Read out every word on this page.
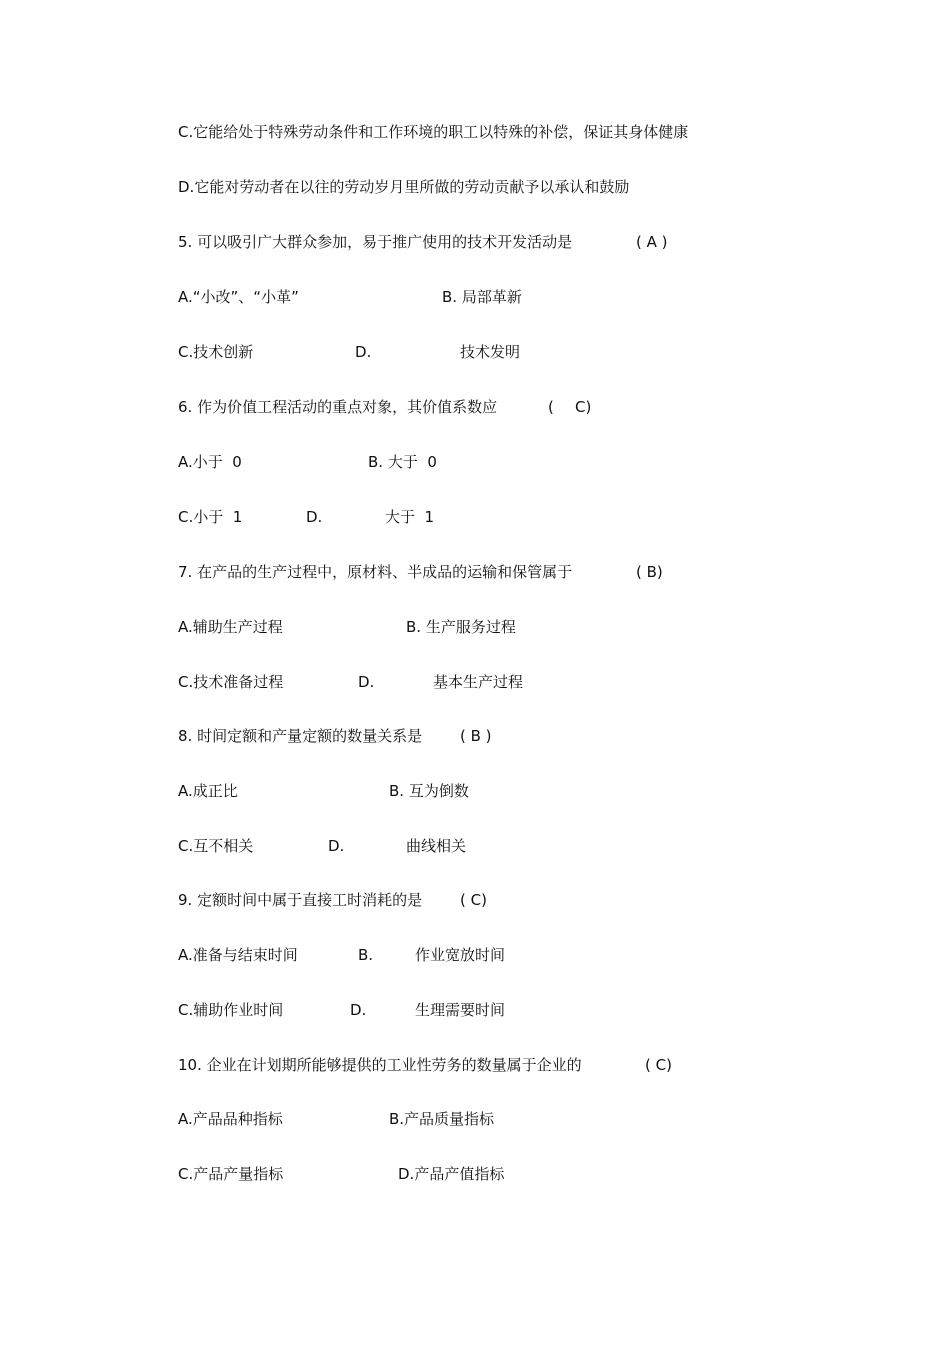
C.它能给处于特殊劳动条件和工作环境的职工以特殊的补偿，保证其身体健康
D.它能对劳动者在以往的劳动岁月里所做的劳动贡献予以承认和鼓励
5. 可以吸引广大群众参加，易于推广使用的技术开发活动是	( A )
A.“小改”、“小革”	B. 局部革新
C.技术创新	D.	技术发明
6. 作为价值工程活动的重点对象，其价值系数应	( C)
A.小于  0	B. 大于  0
C.小于  1	D.	大于  1
7. 在产品的生产过程中，原材料、半成品的运输和保管属于	( B)
A.辅助生产过程	B. 生产服务过程
C.技术准备过程	D.	基本生产过程
8. 时间定额和产量定额的数量关系是	( B )
A.成正比	B. 互为倒数
C.互不相关	D.	曲线相关
9. 定额时间中属于直接工时消耗的是	( C)
A.准备与结束时间	B.	作业宽放时间
C.辅助作业时间	D.	生理需要时间
10. 企业在计划期所能够提供的工业性劳务的数量属于企业的	( C)
A.产品品种指标	B.产品质量指标
C.产品产量指标	D.产品产值指标
